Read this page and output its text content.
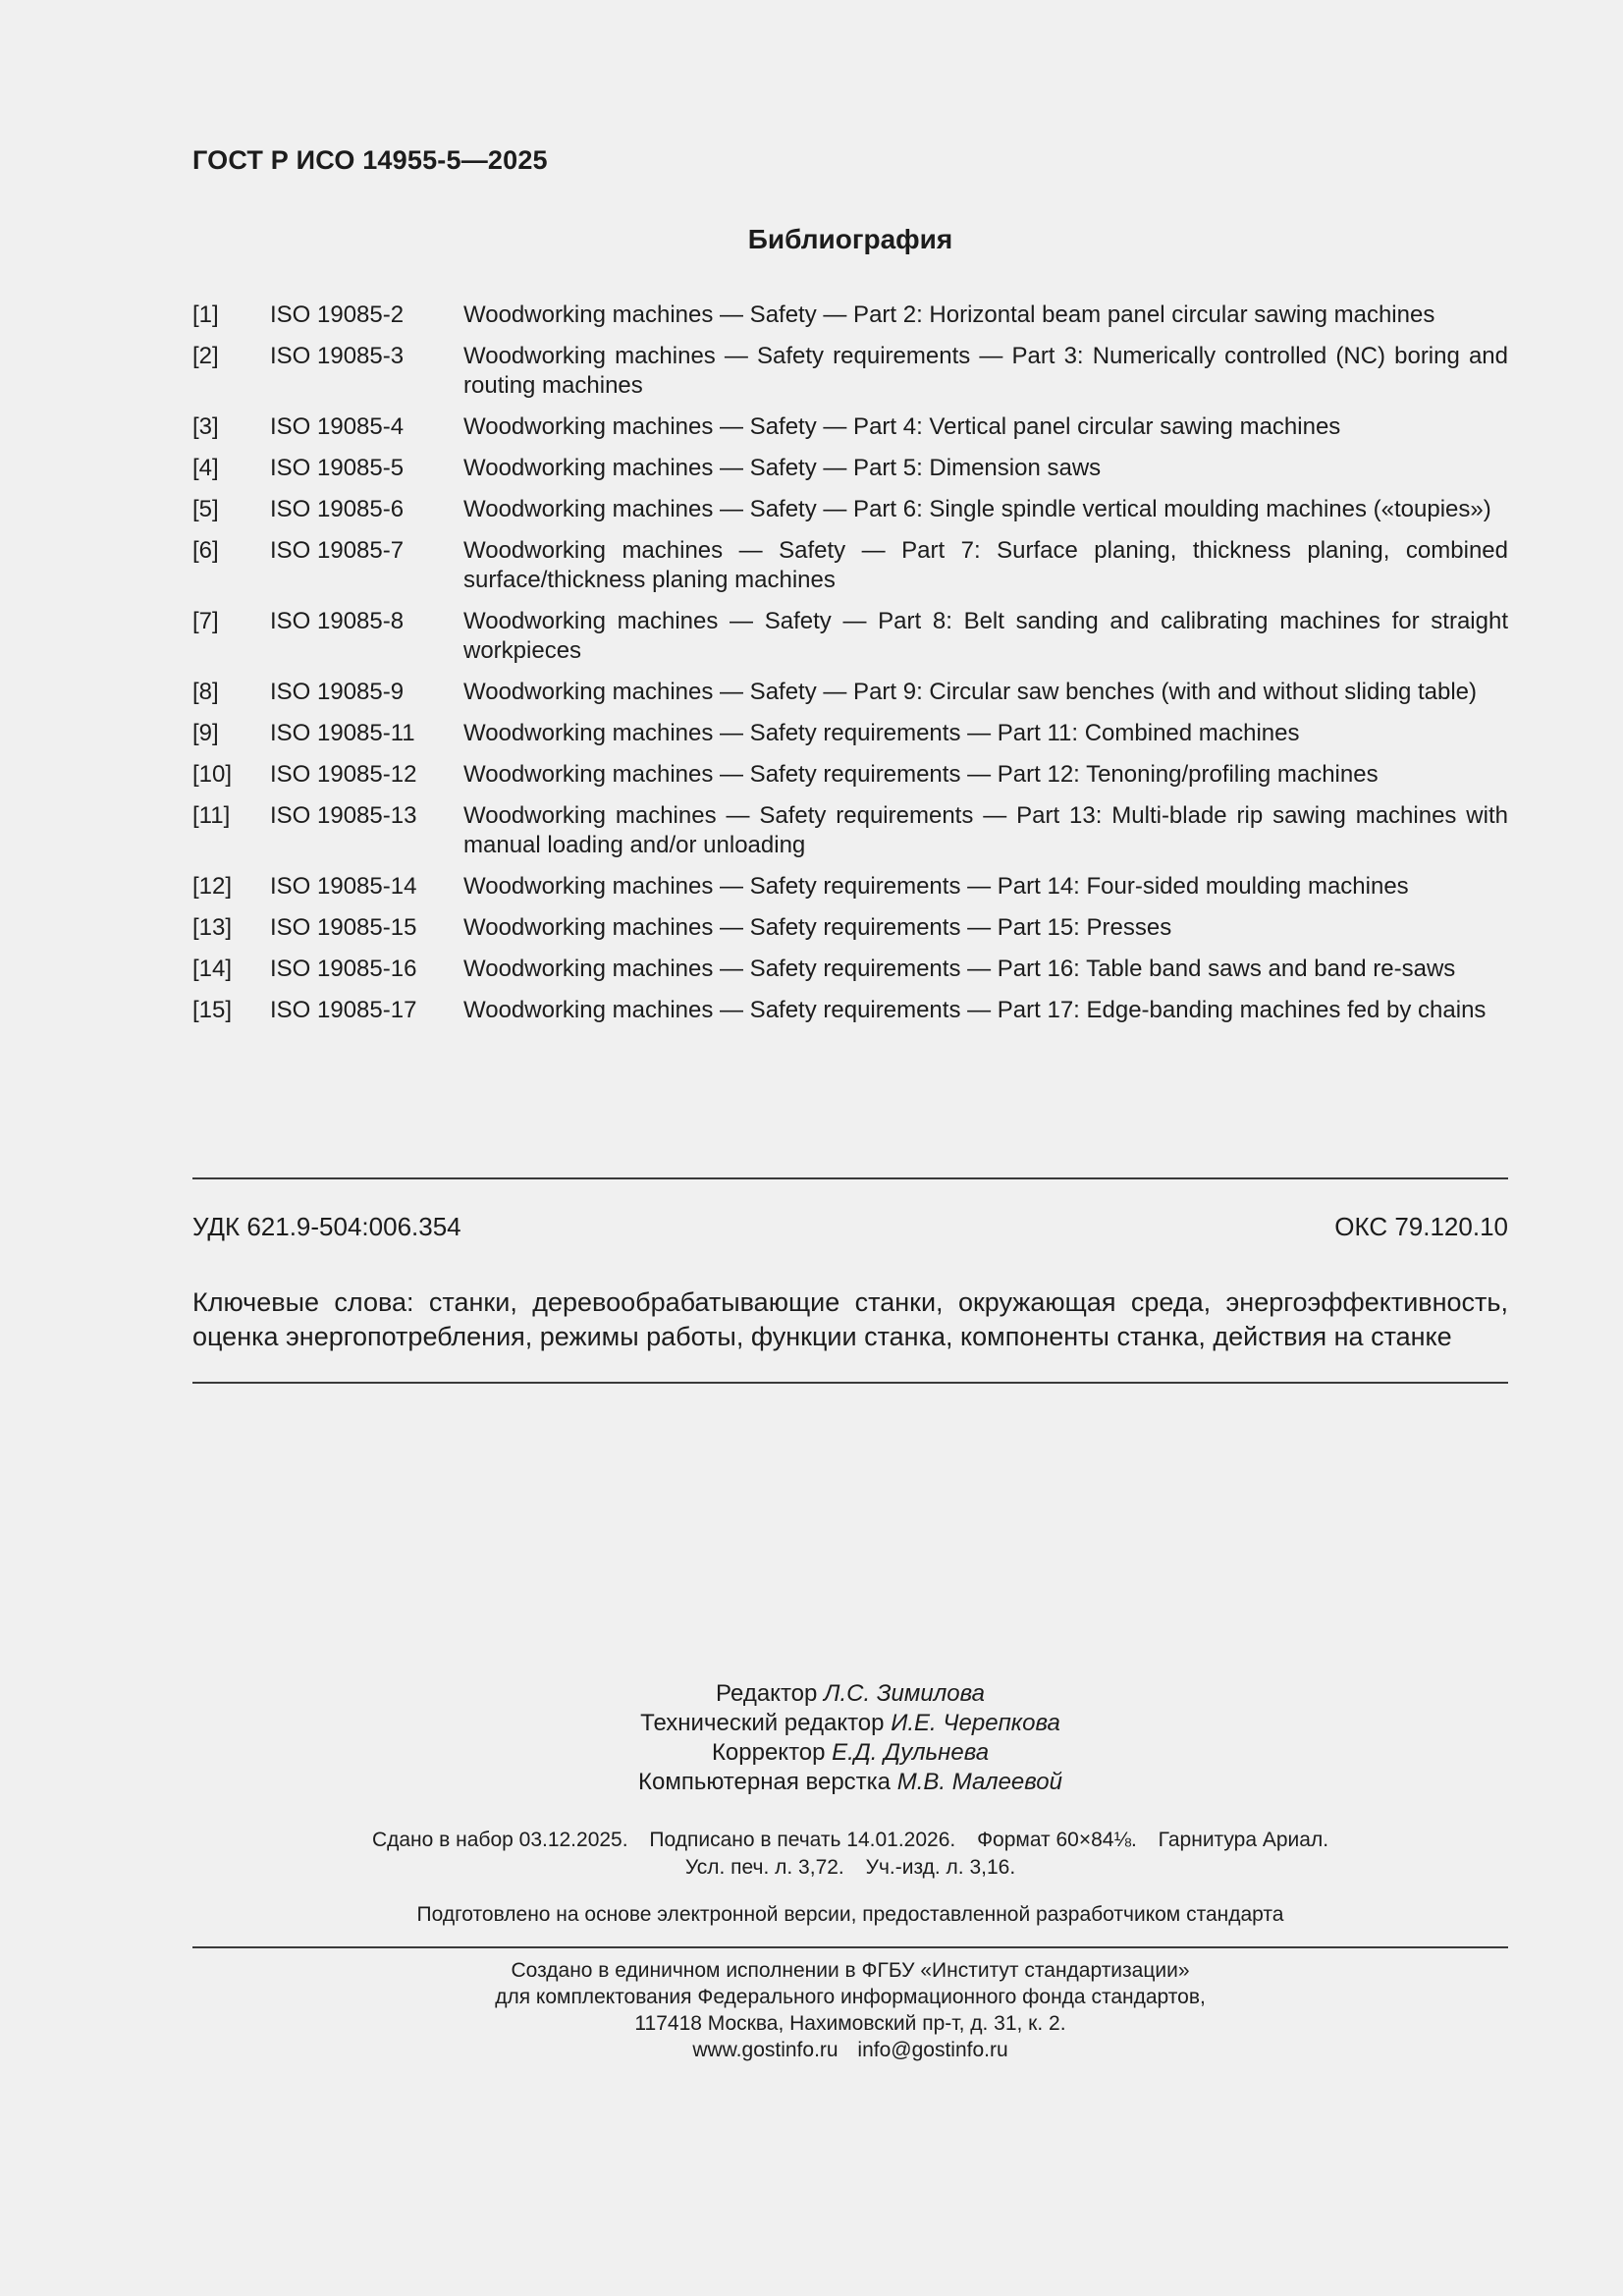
ГОСТ Р ИСО 14955-5—2025
Библиография
[1]	ISO 19085-2	Woodworking machines — Safety — Part 2: Horizontal beam panel circular sawing machines
[2]	ISO 19085-3	Woodworking machines — Safety requirements — Part 3: Numerically controlled (NC) boring and routing machines
[3]	ISO 19085-4	Woodworking machines — Safety — Part 4: Vertical panel circular sawing machines
[4]	ISO 19085-5	Woodworking machines — Safety — Part 5: Dimension saws
[5]	ISO 19085-6	Woodworking machines — Safety — Part 6: Single spindle vertical moulding machines («toupies»)
[6]	ISO 19085-7	Woodworking machines — Safety — Part 7: Surface planing, thickness planing, combined surface/thickness planing machines
[7]	ISO 19085-8	Woodworking machines — Safety — Part 8: Belt sanding and calibrating machines for straight workpieces
[8]	ISO 19085-9	Woodworking machines — Safety — Part 9: Circular saw benches (with and without sliding table)
[9]	ISO 19085-11	Woodworking machines — Safety requirements — Part 11: Combined machines
[10]	ISO 19085-12	Woodworking machines — Safety requirements — Part 12: Tenoning/profiling machines
[11]	ISO 19085-13	Woodworking machines — Safety requirements — Part 13: Multi-blade rip sawing machines with manual loading and/or unloading
[12]	ISO 19085-14	Woodworking machines — Safety requirements — Part 14: Four-sided moulding machines
[13]	ISO 19085-15	Woodworking machines — Safety requirements — Part 15: Presses
[14]	ISO 19085-16	Woodworking machines — Safety requirements — Part 16: Table band saws and band re-saws
[15]	ISO 19085-17	Woodworking machines — Safety requirements — Part 17: Edge-banding machines fed by chains
УДК 621.9-504:006.354	ОКС 79.120.10
Ключевые слова: станки, деревообрабатывающие станки, окружающая среда, энергоэффективность, оценка энергопотребления, режимы работы, функции станка, компоненты станка, действия на станке
Редактор Л.С. Зимилова
Технический редактор И.Е. Черепкова
Корректор Е.Д. Дульнева
Компьютерная верстка М.В. Малеевой
Сдано в набор 03.12.2025. Подписано в печать 14.01.2026. Формат 60×84⅛. Гарнитура Ариал.
Усл. печ. л. 3,72. Уч.-изд. л. 3,16.
Подготовлено на основе электронной версии, предоставленной разработчиком стандарта
Создано в единичном исполнении в ФГБУ «Институт стандартизации»
для комплектования Федерального информационного фонда стандартов,
117418 Москва, Нахимовский пр-т, д. 31, к. 2.
www.gostinfo.ru info@gostinfo.ru
